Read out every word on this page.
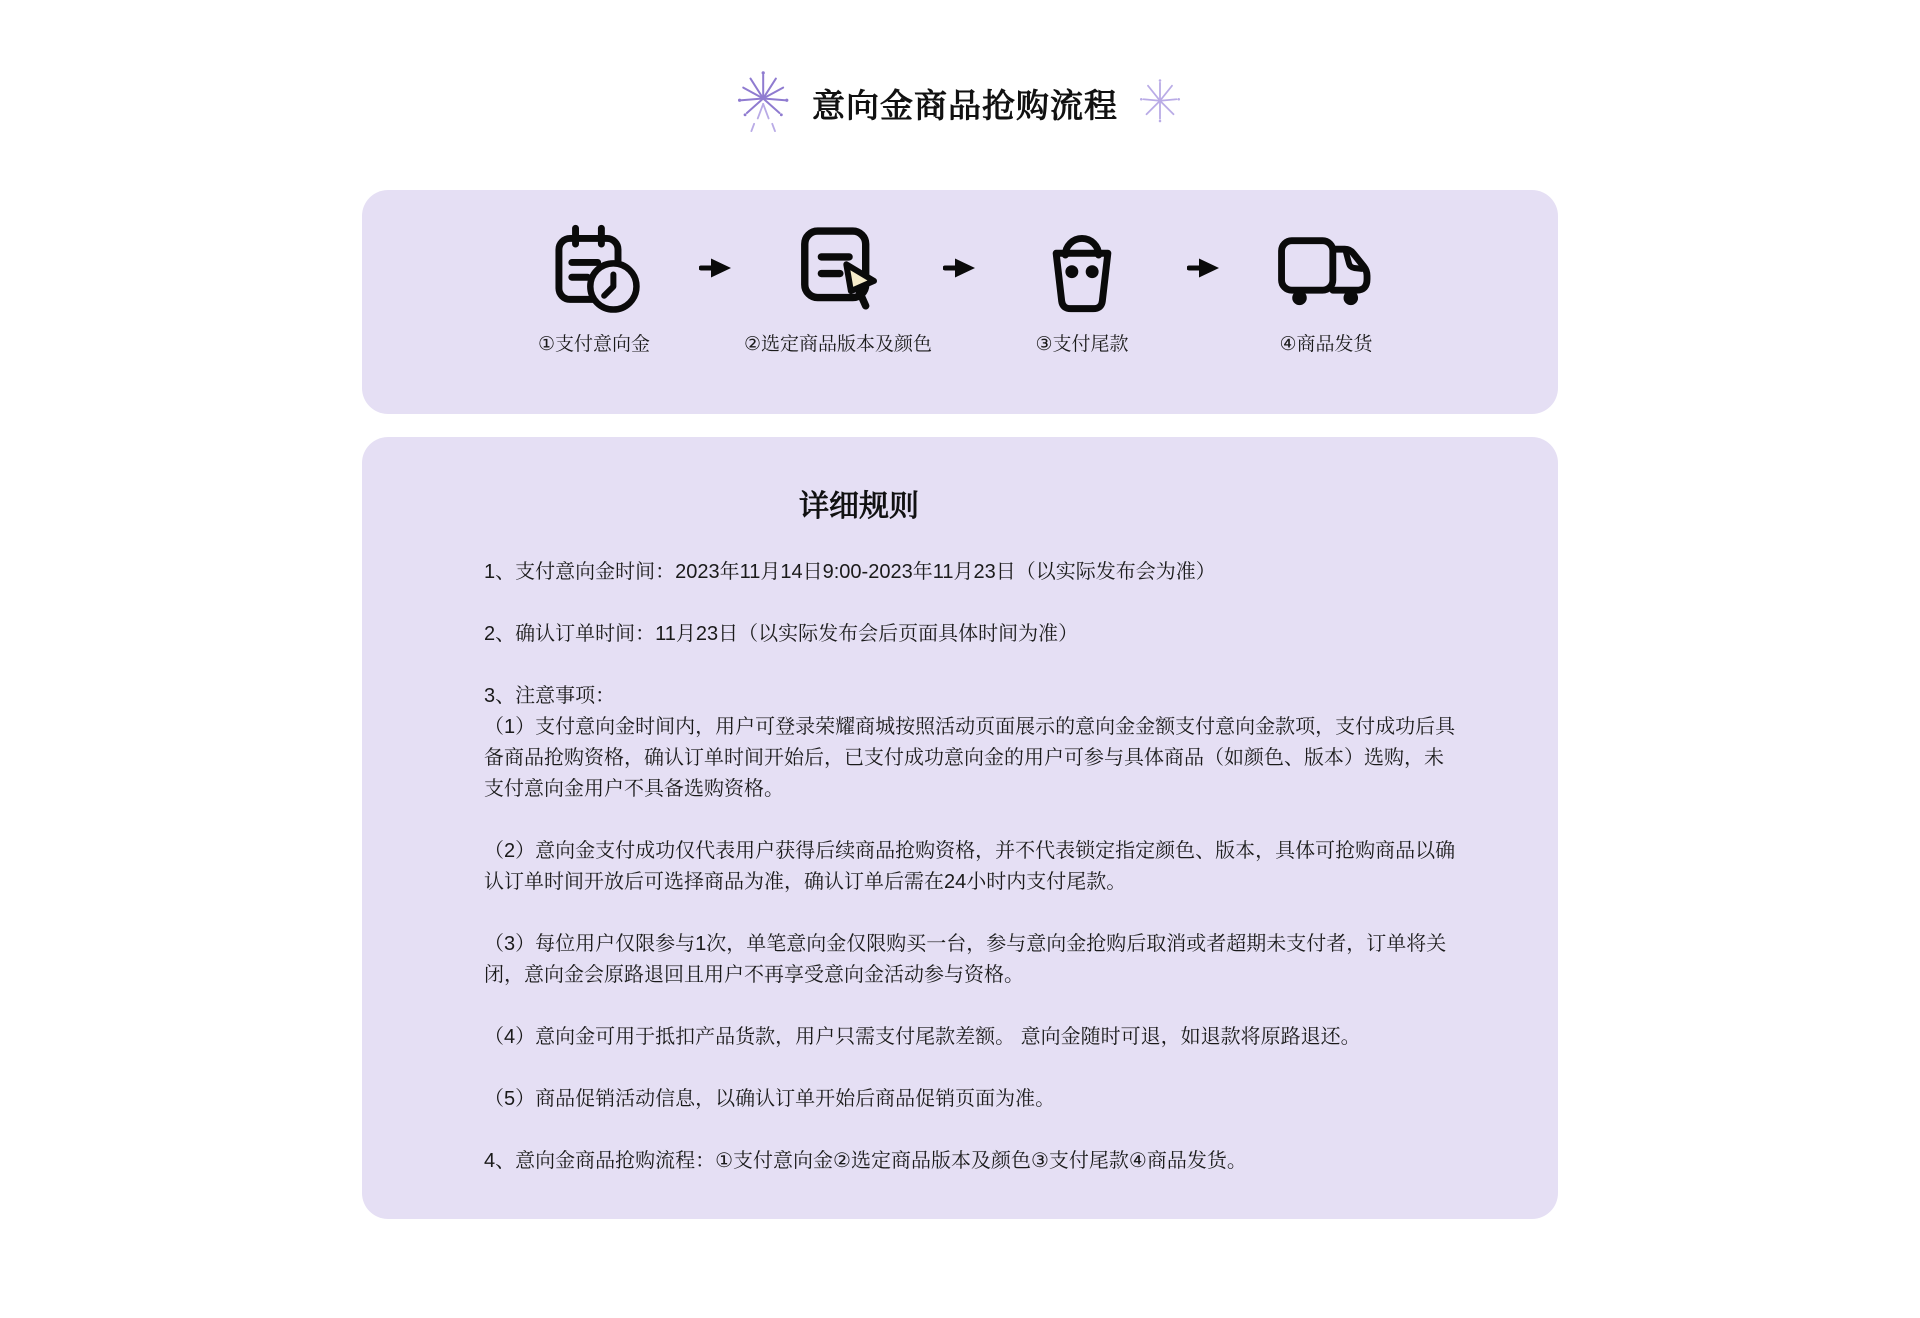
意向金商品抢购流程
①支付意向金	②选定商品版本及颜色	③支付尾款	④商品发货
详细规则

1、支付意向金时间：2023年11月14日9:00-2023年11月23日（以实际发布会为准）

2、确认订单时间：11月23日（以实际发布会后页面具体时间为准）

3、注意事项：

（1）支付意向金时间内，用户可登录荣耀商城按照活动页面展示的意向金金额支付意向金款项，支付成功后具备商品抢购资格，确认订单时间开始后，已支付成功意向金的用户可参与具体商品（如颜色、版本）选购，未支付意向金用户不具备选购资格。

（2）意向金支付成功仅代表用户获得后续商品抢购资格，并不代表锁定指定颜色、版本，具体可抢购商品以确认订单时间开放后可选择商品为准，确认订单后需在24小时内支付尾款。

（3）每位用户仅限参与1次，单笔意向金仅限购买一台，参与意向金抢购后取消或者超期未支付者，订单将关闭，意向金会原路退回且用户不再享受意向金活动参与资格。

（4）意向金可用于抵扣产品货款，用户只需支付尾款差额。 意向金随时可退，如退款将原路退还。

（5）商品促销活动信息，以确认订单开始后商品促销页面为准。

4、意向金商品抢购流程：①支付意向金②选定商品版本及颜色③支付尾款④商品发货。
